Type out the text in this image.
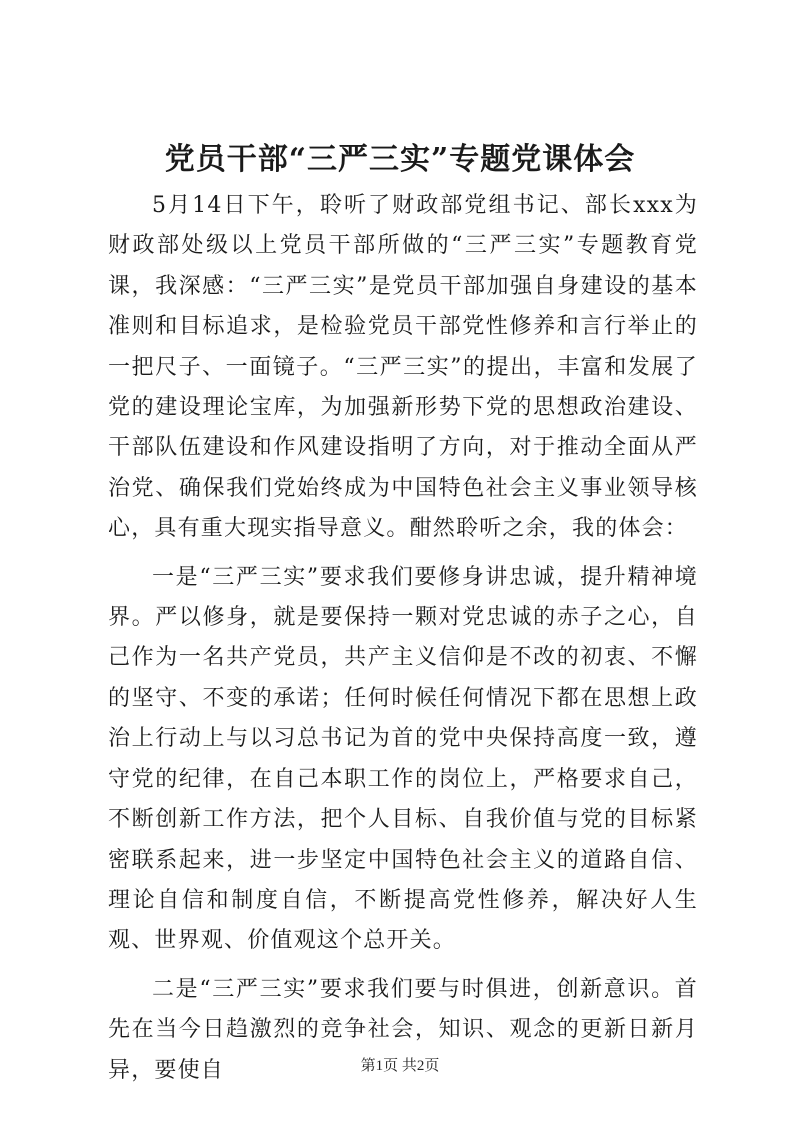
党员干部“三严三实”专题党课体会

5月14日下午，聆听了财政部党组书记、部长xxx为财政部处级以上党员干部所做的“三严三实”专题教育党课，我深感：“三严三实”是党员干部加强自身建设的基本准则和目标追求，是检验党员干部党性修养和言行举止的一把尺子、一面镜子。“三严三实”的提出，丰富和发展了党的建设理论宝库，为加强新形势下党的思想政治建设、干部队伍建设和作风建设指明了方向，对于推动全面从严治党、确保我们党始终成为中国特色社会主义事业领导核心，具有重大现实指导意义。酣然聆听之余，我的体会：

一是“三严三实”要求我们要修身讲忠诚，提升精神境界。严以修身，就是要保持一颗对党忠诚的赤子之心，自己作为一名共产党员，共产主义信仰是不改的初衷、不懈的坚守、不变的承诺；任何时候任何情况下都在思想上政治上行动上与以习总书记为首的党中央保持高度一致，遵守党的纪律，在自己本职工作的岗位上，严格要求自己，不断创新工作方法，把个人目标、自我价值与党的目标紧密联系起来，进一步坚定中国特色社会主义的道路自信、理论自信和制度自信，不断提高党性修养，解决好人生观、世界观、价值观这个总开关。

二是“三严三实”要求我们要与时俱进，创新意识。首先在当今日趋激烈的竞争社会，知识、观念的更新日新月异，要使自	第1页 共2页
